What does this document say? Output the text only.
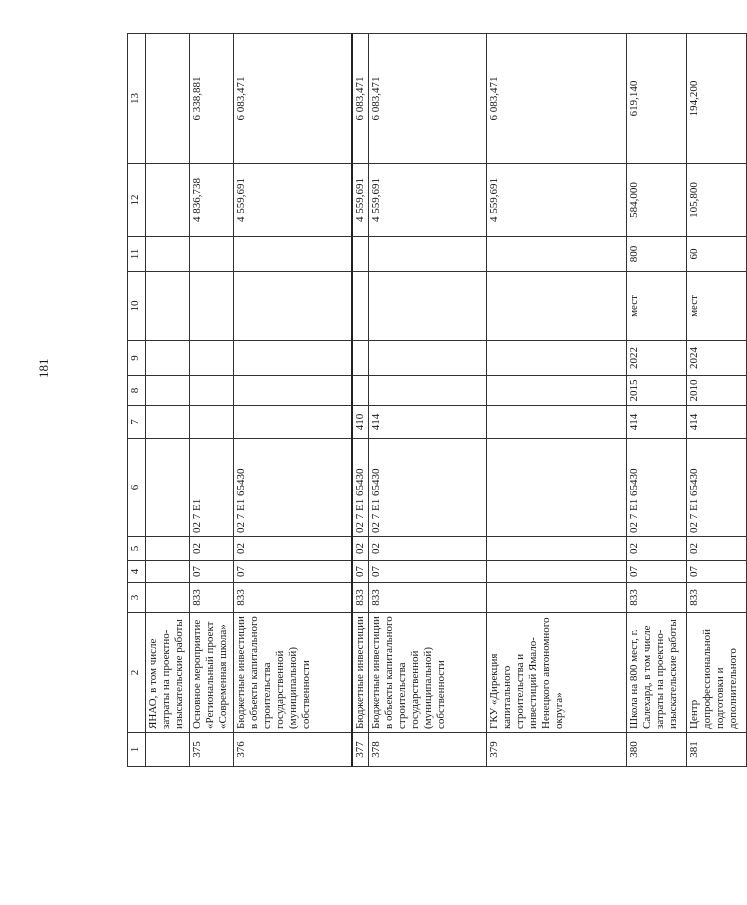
181
1	2	3	4	5	6	7	8	9	10	11	12	13
	ЯНАО, в том числе затраты на проектно-изыскательские работы											
375	Основное мероприятие «Региональный проект «Современная школа»	833	07	02	02 7 E1						4 836,738	6 338,881
376	Бюджетные инвестиции в объекты капитального строительства государственной (муниципальной) собственности	833	07	02	02 7 E1 65430						4 559,691	6 083,471
377	Бюджетные инвестиции	833	07	02	02 7 E1 65430	410					4 559,691	6 083,471
378	Бюджетные инвестиции в объекты капитального строительства государственной (муниципальной) собственности	833	07	02	02 7 E1 65430	414					4 559,691	6 083,471
379	ГКУ «Дирекция капитального строительства и инвестиций Ямало-Ненецкого автономного округа»										4 559,691	6 083,471
380	Школа на 800 мест, г. Салехард, в том числе затраты на проектно-изыскательские работы	833	07	02	02 7 E1 65430	414	2015	2022	мест	800	584,000	619,140
381	Центр допрофессиональной подготовки и дополнительного	833	07	02	02 7 E1 65430	414	2010	2024	мест	60	105,800	194,200
